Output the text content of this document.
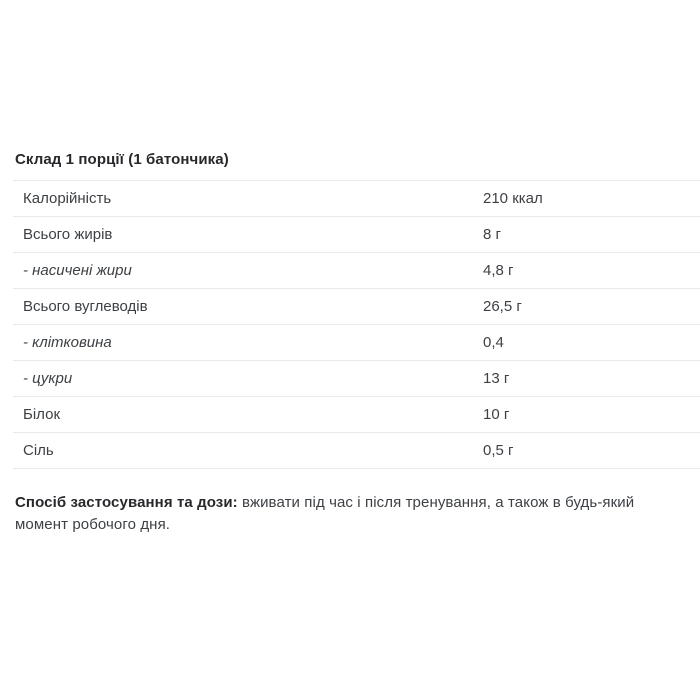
Склад 1 порції (1 батончика)
Калорійність	210 ккал
Всього жирів	8 г
- насичені жири	4,8 г
Всього вуглеводів	26,5 г
- клітковина	0,4
- цукри	13 г
Білок	10 г
Сіль	0,5 г

Спосіб застосування та дози: вживати під час і після тренування, а також в будь-який момент робочого дня.
